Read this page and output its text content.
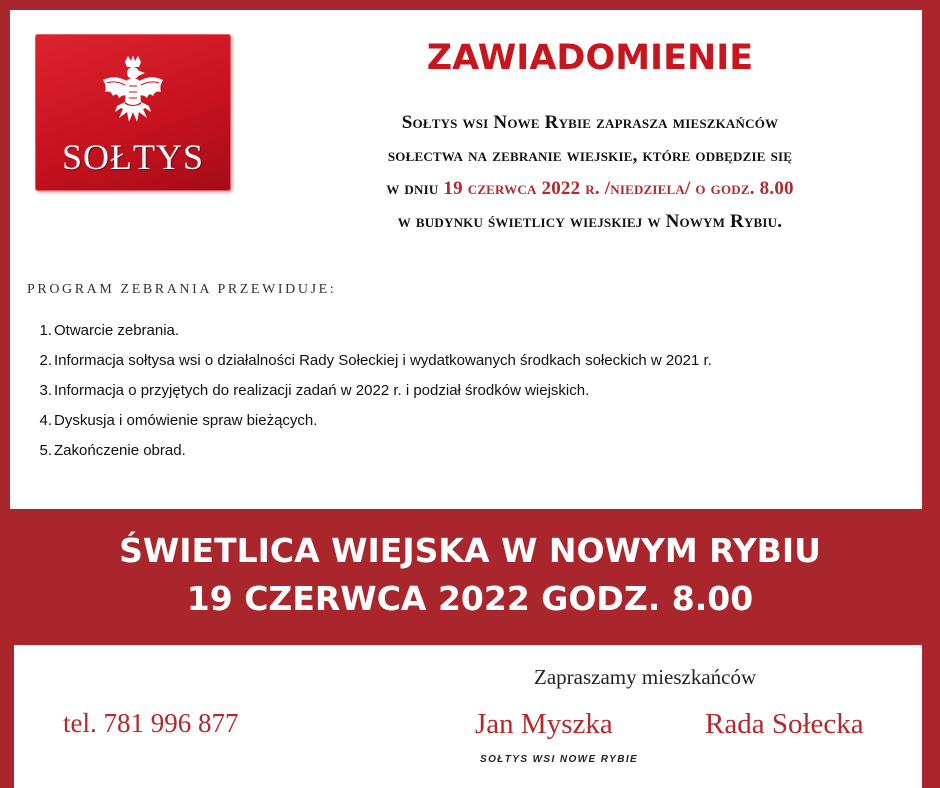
SOŁTYS
ZAWIADOMIENIE
Sołtys wsi Nowe Rybie zaprasza mieszkańców
sołectwa na zebranie wiejskie, które odbędzie się
w dniu 19 czerwca 2022 r. /niedziela/ o godz. 8.00
w budynku świetlicy wiejskiej w Nowym Rybiu.
PROGRAM ZEBRANIA PRZEWIDUJE:
1. Otwarcie zebrania.
2. Informacja sołtysa wsi o działalności Rady Sołeckiej i wydatkowanych środkach sołeckich w 2021 r.
3. Informacja o przyjętych do realizacji zadań w 2022 r. i podział środków wiejskich.
4. Dyskusja i omówienie spraw bieżących.
5. Zakończenie obrad.
ŚWIETLICA WIEJSKA W NOWYM RYBIU
19 CZERWCA 2022 GODZ. 8.00
Zapraszamy mieszkańców
tel. 781 996 877	Jan Myszka	Rada Sołecka
SOŁTYS WSI NOWE RYBIE
